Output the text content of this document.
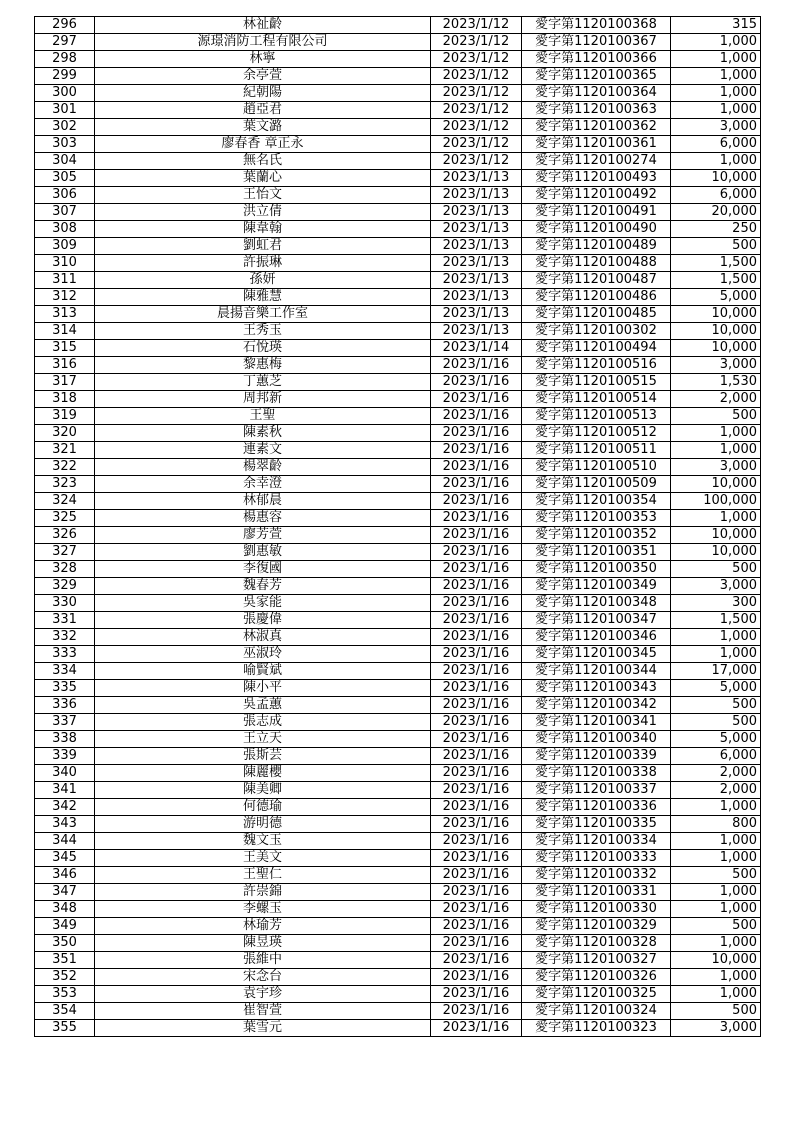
296	林祉齡	2023/1/12	愛字第1120100368	315
297	源璟消防工程有限公司	2023/1/12	愛字第1120100367	1,000
298	林寧	2023/1/12	愛字第1120100366	1,000
299	余亭萱	2023/1/12	愛字第1120100365	1,000
300	紀朝陽	2023/1/12	愛字第1120100364	1,000
301	趙亞君	2023/1/12	愛字第1120100363	1,000
302	葉文潞	2023/1/12	愛字第1120100362	3,000
303	廖春香 章正永	2023/1/12	愛字第1120100361	6,000
304	無名氏	2023/1/12	愛字第1120100274	1,000
305	葉蘭心	2023/1/13	愛字第1120100493	10,000
306	王怡文	2023/1/13	愛字第1120100492	6,000
307	洪立倩	2023/1/13	愛字第1120100491	20,000
308	陳韋翰	2023/1/13	愛字第1120100490	250
309	劉虹君	2023/1/13	愛字第1120100489	500
310	許振琳	2023/1/13	愛字第1120100488	1,500
311	孫妍	2023/1/13	愛字第1120100487	1,500
312	陳雅慧	2023/1/13	愛字第1120100486	5,000
313	晨揚音樂工作室	2023/1/13	愛字第1120100485	10,000
314	王秀玉	2023/1/13	愛字第1120100302	10,000
315	石悅瑛	2023/1/14	愛字第1120100494	10,000
316	黎惠梅	2023/1/16	愛字第1120100516	3,000
317	丁蕙芝	2023/1/16	愛字第1120100515	1,530
318	周邦新	2023/1/16	愛字第1120100514	2,000
319	王聖	2023/1/16	愛字第1120100513	500
320	陳素秋	2023/1/16	愛字第1120100512	1,000
321	連素文	2023/1/16	愛字第1120100511	1,000
322	楊翠齡	2023/1/16	愛字第1120100510	3,000
323	余幸澄	2023/1/16	愛字第1120100509	10,000
324	林郁晨	2023/1/16	愛字第1120100354	100,000
325	楊惠容	2023/1/16	愛字第1120100353	1,000
326	廖芳萱	2023/1/16	愛字第1120100352	10,000
327	劉惠敏	2023/1/16	愛字第1120100351	10,000
328	李復國	2023/1/16	愛字第1120100350	500
329	魏春芳	2023/1/16	愛字第1120100349	3,000
330	吳家能	2023/1/16	愛字第1120100348	300
331	張慶偉	2023/1/16	愛字第1120100347	1,500
332	林淑真	2023/1/16	愛字第1120100346	1,000
333	巫淑玲	2023/1/16	愛字第1120100345	1,000
334	喻賢斌	2023/1/16	愛字第1120100344	17,000
335	陳小平	2023/1/16	愛字第1120100343	5,000
336	吳孟蕙	2023/1/16	愛字第1120100342	500
337	張志成	2023/1/16	愛字第1120100341	500
338	王立天	2023/1/16	愛字第1120100340	5,000
339	張斯芸	2023/1/16	愛字第1120100339	6,000
340	陳麗櫻	2023/1/16	愛字第1120100338	2,000
341	陳美卿	2023/1/16	愛字第1120100337	2,000
342	何德瑜	2023/1/16	愛字第1120100336	1,000
343	游明德	2023/1/16	愛字第1120100335	800
344	魏文玉	2023/1/16	愛字第1120100334	1,000
345	王美文	2023/1/16	愛字第1120100333	1,000
346	王聖仁	2023/1/16	愛字第1120100332	500
347	許崇錦	2023/1/16	愛字第1120100331	1,000
348	李螺玉	2023/1/16	愛字第1120100330	1,000
349	林瑜芳	2023/1/16	愛字第1120100329	500
350	陳昱瑛	2023/1/16	愛字第1120100328	1,000
351	張維中	2023/1/16	愛字第1120100327	10,000
352	宋念台	2023/1/16	愛字第1120100326	1,000
353	袁宇珍	2023/1/16	愛字第1120100325	1,000
354	崔智萱	2023/1/16	愛字第1120100324	500
355	葉雪元	2023/1/16	愛字第1120100323	3,000
